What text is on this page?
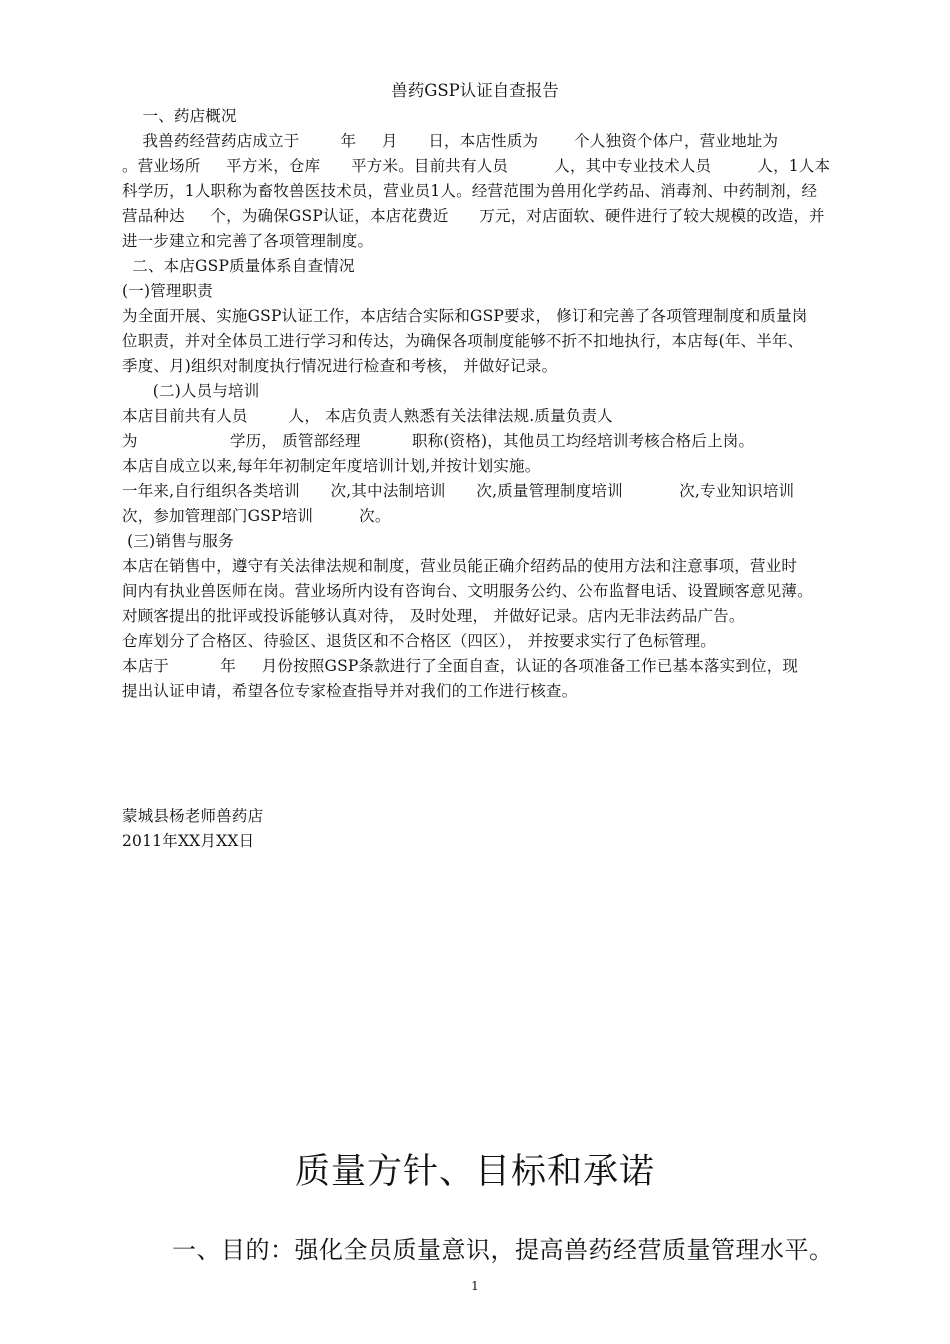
兽药GSP认证自查报告
一、药店概况
我兽药经营药店成立于        年     月      日，本店性质为       个人独资个体户，营业地址为
。营业场所     平方米，仓库      平方米。目前共有人员         人，其中专业技术人员         人，1人本
科学历，1人职称为畜牧兽医技术员，营业员1人。经营范围为兽用化学药品、消毒剂、中药制剂，经
营品种达     个，为确保GSP认证，本店花费近      万元，对店面软、硬件进行了较大规模的改造，并
进一步建立和完善了各项管理制度。
二、本店GSP质量体系自查情况
(一)管理职责
为全面开展、实施GSP认证工作，本店结合实际和GSP要求， 修订和完善了各项管理制度和质量岗
位职责，并对全体员工进行学习和传达，为确保各项制度能够不折不扣地执行，本店每(年、半年、
季度、月)组织对制度执行情况进行检查和考核， 并做好记录。
(二)人员与培训
本店目前共有人员        人， 本店负责人熟悉有关法律法规.质量负责人
为                  学历， 质管部经理          职称(资格)，其他员工均经培训考核合格后上岗。
本店自成立以来,每年年初制定年度培训计划,并按计划实施。
一年来,自行组织各类培训      次,其中法制培训      次,质量管理制度培训           次,专业知识培训
次，参加管理部门GSP培训         次。
(三)销售与服务
本店在销售中，遵守有关法律法规和制度，营业员能正确介绍药品的使用方法和注意事项，营业时
间内有执业兽医师在岗。营业场所内设有咨询台、文明服务公约、公布监督电话、设置顾客意见薄。
对顾客提出的批评或投诉能够认真对待， 及时处理， 并做好记录。店内无非法药品广告。
仓库划分了合格区、待验区、退货区和不合格区（四区）， 并按要求实行了色标管理。
本店于          年     月份按照GSP条款进行了全面自查，认证的各项准备工作已基本落实到位，现
提出认证申请，希望各位专家检查指导并对我们的工作进行核查。
蒙城县杨老师兽药店
2011年XX月XX日
质量方针、目标和承诺
一、目的：强化全员质量意识，提高兽药经营质量管理水平。
1
